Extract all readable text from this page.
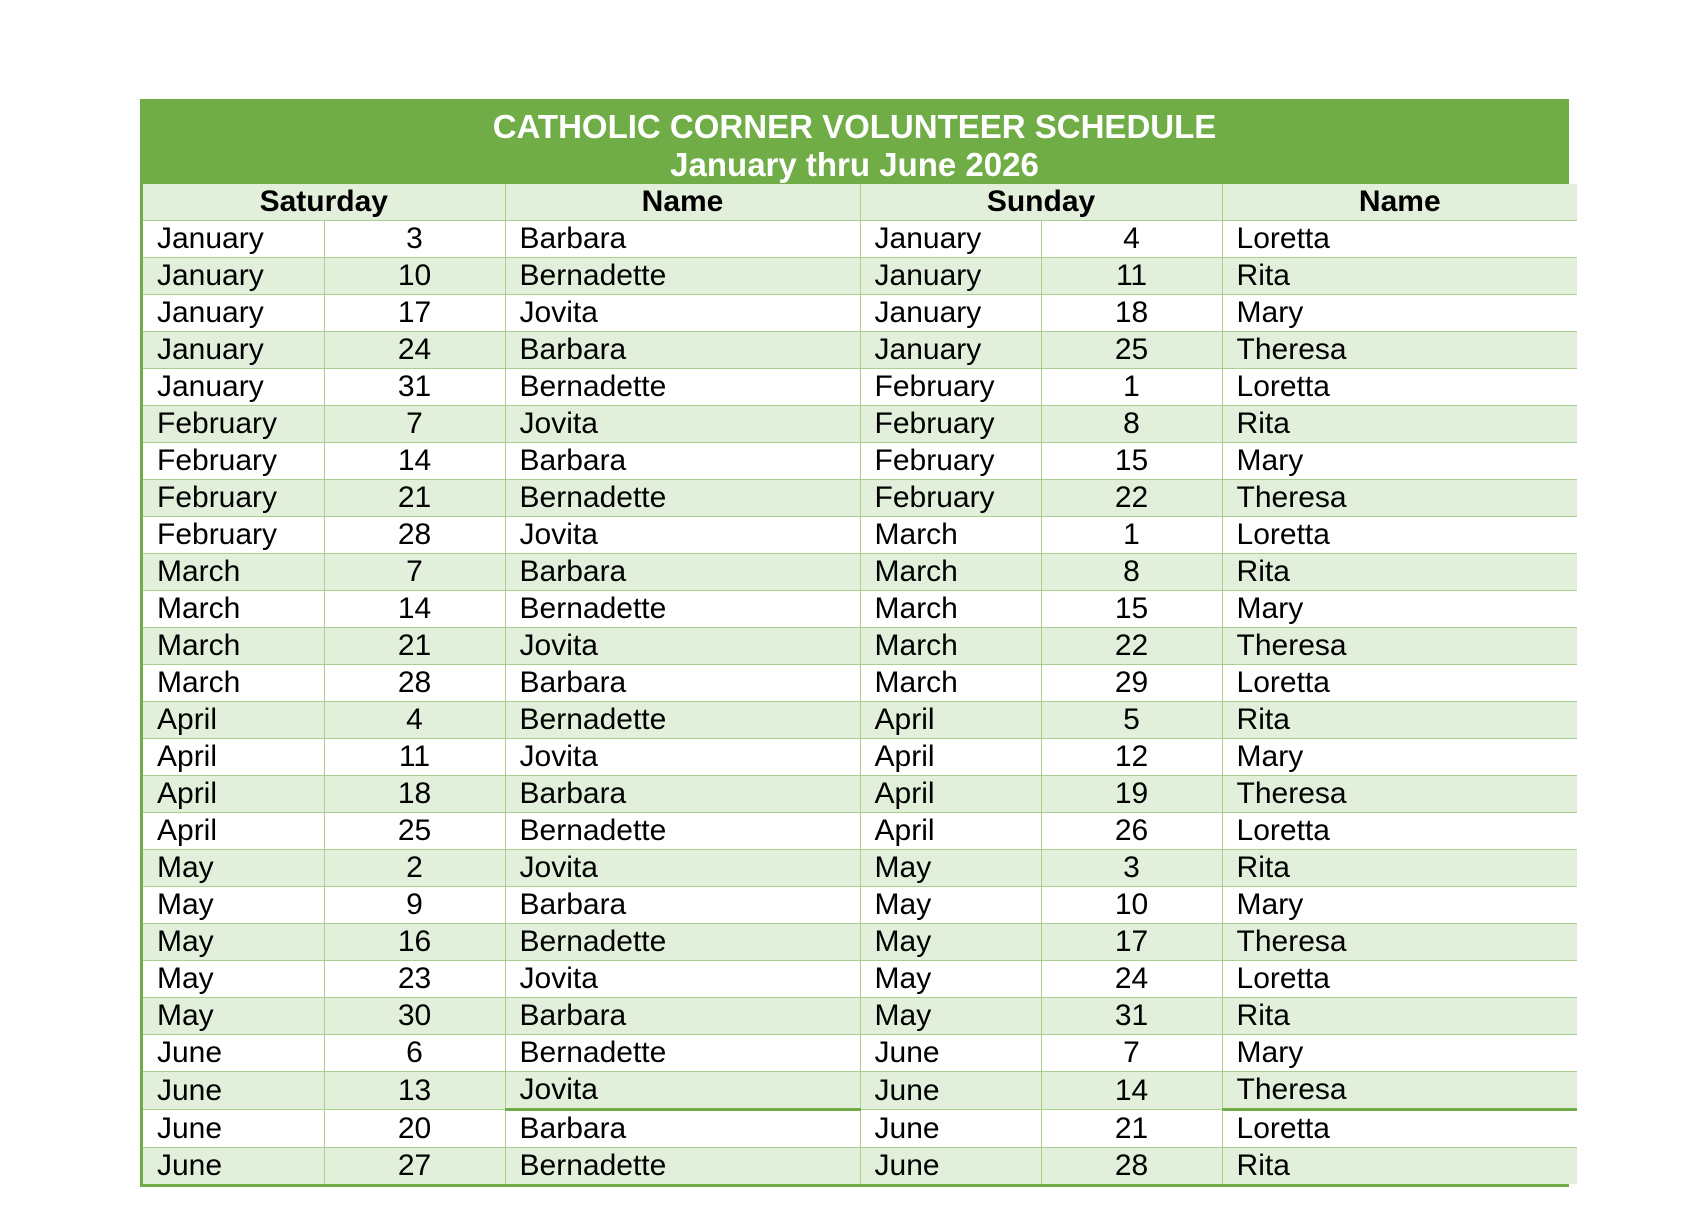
CATHOLIC CORNER VOLUNTEER SCHEDULE
January thru June 2026
Saturday		Name	Sunday		Name
January	3	Barbara	January	4	Loretta
January	10	Bernadette	January	11	Rita
January	17	Jovita	January	18	Mary
January	24	Barbara	January	25	Theresa
January	31	Bernadette	February	1	Loretta
February	7	Jovita	February	8	Rita
February	14	Barbara	February	15	Mary
February	21	Bernadette	February	22	Theresa
February	28	Jovita	March	1	Loretta
March	7	Barbara	March	8	Rita
March	14	Bernadette	March	15	Mary
March	21	Jovita	March	22	Theresa
March	28	Barbara	March	29	Loretta
April	4	Bernadette	April	5	Rita
April	11	Jovita	April	12	Mary
April	18	Barbara	April	19	Theresa
April	25	Bernadette	April	26	Loretta
May	2	Jovita	May	3	Rita
May	9	Barbara	May	10	Mary
May	16	Bernadette	May	17	Theresa
May	23	Jovita	May	24	Loretta
May	30	Barbara	May	31	Rita
June	6	Bernadette	June	7	Mary
June	13	Jovita	June	14	Theresa
June	20	Barbara	June	21	Loretta
June	27	Bernadette	June	28	Rita
